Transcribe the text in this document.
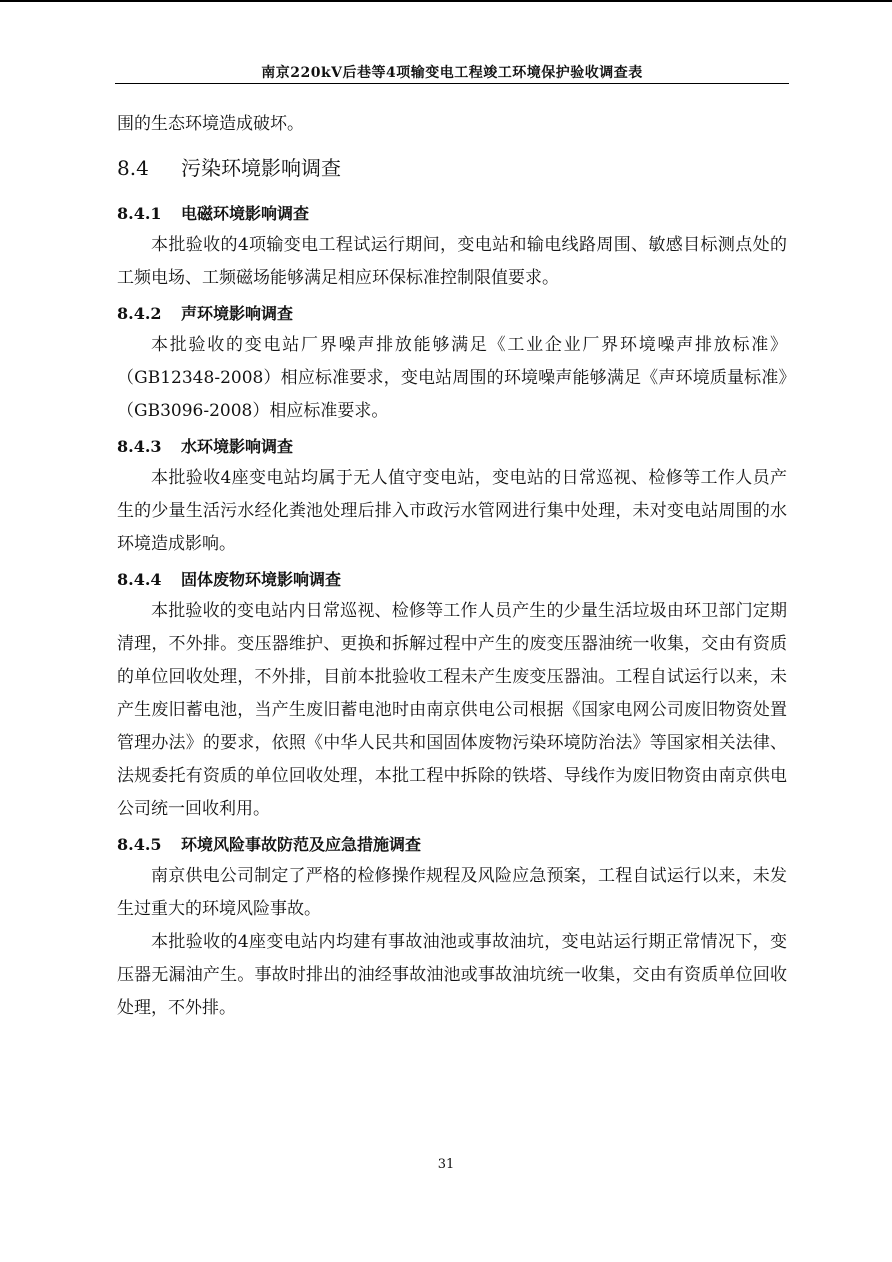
南京220kV后巷等4项输变电工程竣工环境保护验收调查表

围的生态环境造成破坏。

8.4 污染环境影响调查
8.4.1 电磁环境影响调查

本批验收的4项输变电工程试运行期间，变电站和输电线路周围、敏感目标测点处的工频电场、工频磁场能够满足相应环保标准控制限值要求。

8.4.2 声环境影响调查

本批验收的变电站厂界噪声排放能够满足《工业企业厂界环境噪声排放标准》（GB12348-2008）相应标准要求，变电站周围的环境噪声能够满足《声环境质量标准》（GB3096-2008）相应标准要求。

8.4.3 水环境影响调查

本批验收4座变电站均属于无人值守变电站，变电站的日常巡视、检修等工作人员产生的少量生活污水经化粪池处理后排入市政污水管网进行集中处理，未对变电站周围的水环境造成影响。

8.4.4 固体废物环境影响调查

本批验收的变电站内日常巡视、检修等工作人员产生的少量生活垃圾由环卫部门定期清理，不外排。变压器维护、更换和拆解过程中产生的废变压器油统一收集，交由有资质的单位回收处理，不外排，目前本批验收工程未产生废变压器油。工程自试运行以来，未产生废旧蓄电池，当产生废旧蓄电池时由南京供电公司根据《国家电网公司废旧物资处置管理办法》的要求，依照《中华人民共和国固体废物污染环境防治法》等国家相关法律、法规委托有资质的单位回收处理，本批工程中拆除的铁塔、导线作为废旧物资由南京供电公司统一回收利用。

8.4.5 环境风险事故防范及应急措施调查

南京供电公司制定了严格的检修操作规程及风险应急预案，工程自试运行以来，未发生过重大的环境风险事故。

本批验收的4座变电站内均建有事故油池或事故油坑，变电站运行期正常情况下，变压器无漏油产生。事故时排出的油经事故油池或事故油坑统一收集，交由有资质单位回收处理，不外排。

31
